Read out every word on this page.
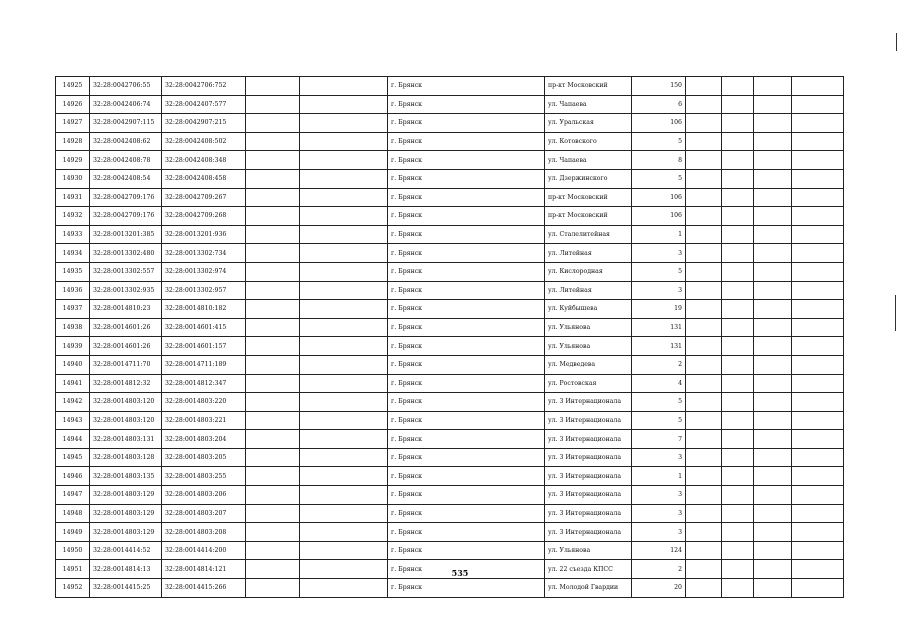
14925	32:28:0042706:55	32:28:0042706:752			г. Брянск	пр-кт Московский	150				
14926	32:28:0042406:74	32:28:0042407:577			г. Брянск	ул. Чапаева	6				
14927	32:28:0042907:115	32:28:0042907:215			г. Брянск	ул. Уральская	106				
14928	32:28:0042408:62	32:28:0042408:502			г. Брянск	ул. Котовского	5				
14929	32:28:0042408:78	32:28:0042408:348			г. Брянск	ул. Чапаева	8				
14930	32:28:0042408:54	32:28:0042408:458			г. Брянск	ул. Дзержинского	5				
14931	32:28:0042709:176	32:28:0042709:267			г. Брянск	пр-кт Московский	106				
14932	32:28:0042709:176	32:28:0042709:268			г. Брянск	пр-кт Московский	106				
14933	32:28:0013201:385	32:28:0013201:936			г. Брянск	ул. Сталелитейная	1				
14934	32:28:0013302:480	32:28:0013302:734			г. Брянск	ул. Литейная	3				
14935	32:28:0013302:557	32:28:0013302:974			г. Брянск	ул. Кислородная	5				
14936	32:28:0013302:935	32:28:0013302:957			г. Брянск	ул. Литейная	3				
14937	32:28:0014810:23	32:28:0014810:182			г. Брянск	ул. Куйбышева	19				
14938	32:28:0014601:26	32:28:0014601:415			г. Брянск	ул. Ульянова	131				
14939	32:28:0014601:26	32:28:0014601:157			г. Брянск	ул. Ульянова	131				
14940	32:28:0014711:70	32:28:0014711:189			г. Брянск	ул. Медведева	2				
14941	32:28:0014812:32	32:28:0014812:347			г. Брянск	ул. Ростовская	4				
14942	32:28:0014803:120	32:28:0014803:220			г. Брянск	ул. 3 Интернационала	5				
14943	32:28:0014803:120	32:28:0014803:221			г. Брянск	ул. 3 Интернационала	5				
14944	32:28:0014803:131	32:28:0014803:204			г. Брянск	ул. 3 Интернационала	7				
14945	32:28:0014803:128	32:28:0014803:205			г. Брянск	ул. 3 Интернационала	3				
14946	32:28:0014803:135	32:28:0014803:255			г. Брянск	ул. 3 Интернационала	1				
14947	32:28:0014803:129	32:28:0014803:206			г. Брянск	ул. 3 Интернационала	3				
14948	32:28:0014803:129	32:28:0014803:207			г. Брянск	ул. 3 Интернационала	3				
14949	32:28:0014803:129	32:28:0014803:208			г. Брянск	ул. 3 Интернационала	3				
14950	32:28:0014414:52	32:28:0014414:200			г. Брянск	ул. Ульянова	124				
14951	32:28:0014814:13	32:28:0014814:121			г. Брянск	ул. 22 съезда КПСС	2				
14952	32:28:0014415:25	32:28:0014415:266			г. Брянск	ул. Молодой Гвардии	20				
535
